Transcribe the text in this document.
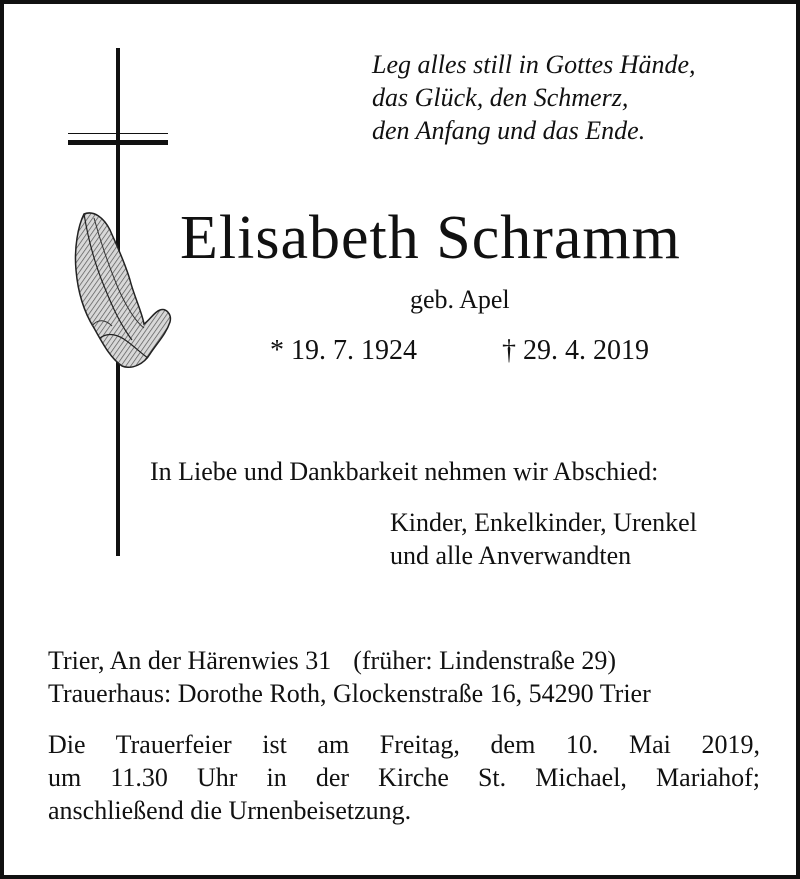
Leg alles still in Gottes Hände,
das Glück, den Schmerz,
den Anfang und das Ende.
Elisabeth Schramm
geb. Apel
* 19. 7. 1924	† 29. 4. 2019
In Liebe und Dankbarkeit nehmen wir Abschied:
Kinder, Enkelkinder, Urenkel
und alle Anverwandten
Trier, An der Härenwies 31 (früher: Lindenstraße 29)
Trauerhaus: Dorothe Roth, Glockenstraße 16, 54290 Trier
Die Trauerfeier ist am Freitag, dem 10. Mai 2019,
um 11.30 Uhr in der Kirche St. Michael, Mariahof;
anschließend die Urnenbeisetzung.
